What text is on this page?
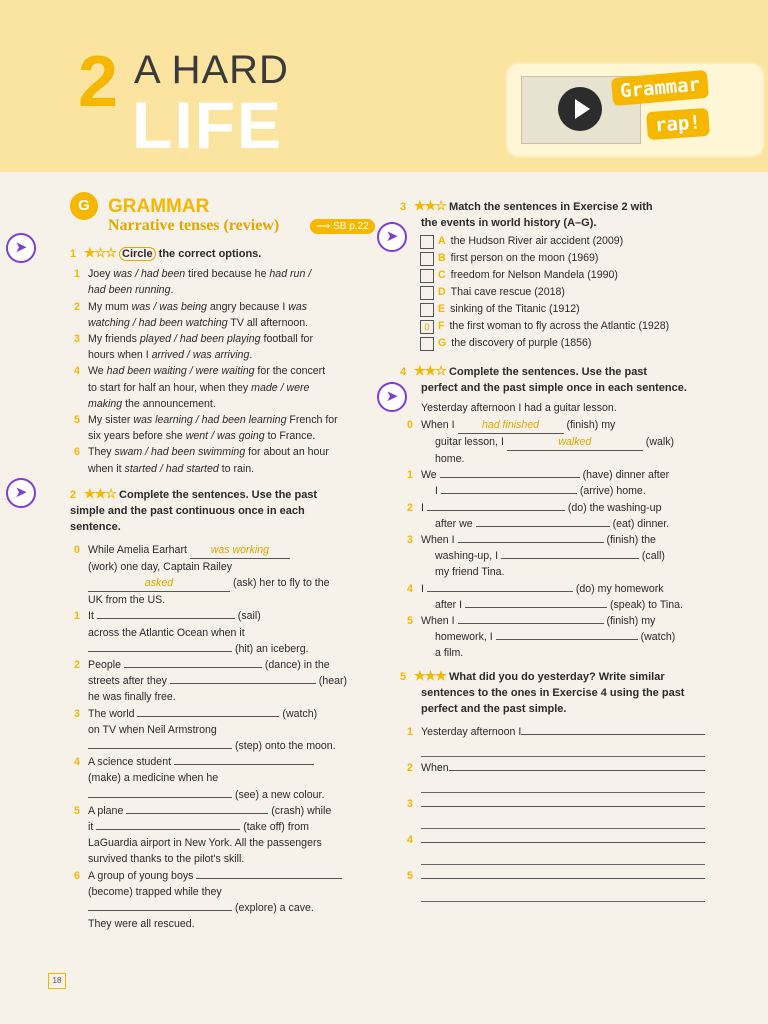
2 A HARD
LIFE	Grammar
rap!
➤
➤
➤
➤
G GRAMMAR
Narrative tenses (review)	⟶ SB p.22

1 ★☆☆ Circle the correct options.

1 Joey was / had been tired because he had run /

had been running.

2 My mum was / was being angry because I was

watching / had been watching TV all afternoon.

3 My friends played / had been playing football for

hours when I arrived / was arriving.

4 We had been waiting / were waiting for the concert

to start for half an hour, when they made / were

making the announcement.

5 My sister was learning / had been learning French for

six years before she went / was going to France.

6 They swam / had been swimming for about an hour

when it started / had started to rain.

2 ★★☆ Complete the sentences. Use the past

simple and the past continuous once in each

sentence.

0 While Amelia Earhart was working

(work) one day, Captain Railey

asked	(ask) her to fly to the

UK from the US.

1 It	(sail)

across the Atlantic Ocean when it

(hit) an iceberg.

2 People	(dance) in the

streets after they	(hear)

he was finally free.

3 The world	(watch)

on TV when Neil Armstrong

(step) onto the moon.

4 A science student

(make) a medicine when he

(see) a new colour.

5 A plane	(crash) while

it	(take off) from

LaGuardia airport in New York. All the passengers

survived thanks to the pilot's skill.

6 A group of young boys

(become) trapped while they

(explore) a cave.

They were all rescued.

3 ★★☆ Match the sentences in Exercise 2 with

the events in world history (A–G).

A the Hudson River air accident (2009)

B first person on the moon (1969)

C freedom for Nelson Mandela (1990)

D Thai cave rescue (2018)

E sinking of the Titanic (1912)

0 F the first woman to fly across the Atlantic (1928)

G the discovery of purple (1856)

4 ★★☆ Complete the sentences. Use the past

perfect and the past simple once in each sentence.

Yesterday afternoon I had a guitar lesson.

0 When I had finished (finish) my

guitar lesson, I	walked	(walk)

home.

1 We	(have) dinner after

I	(arrive) home.

2 I	(do) the washing-up

after we	(eat) dinner.

3 When I	(finish) the

washing-up, I	(call)

my friend Tina.

4 I	(do) my homework

after I	(speak) to Tina.

5 When I	(finish) my

homework, I	(watch)

a film.

5 ★★★ What did you do yesterday? Write similar

sentences to the ones in Exercise 4 using the past

perfect and the past simple.

1 Yesterday afternoon I

2 When

3

4

5

18
